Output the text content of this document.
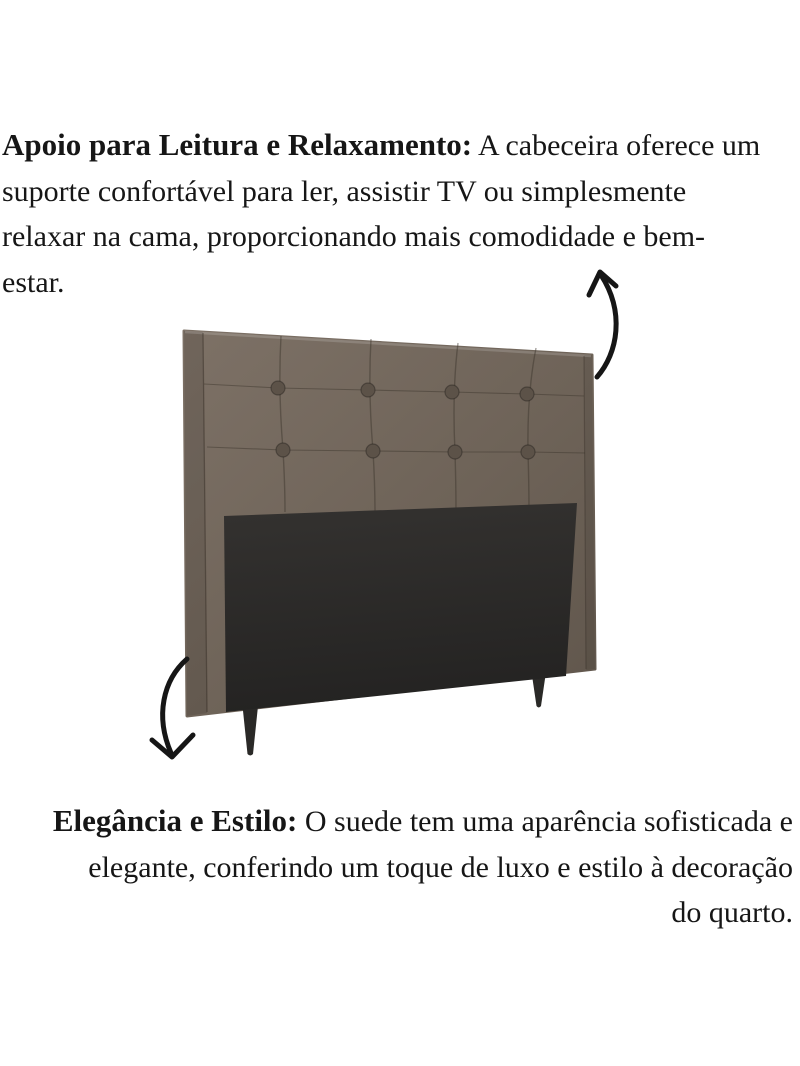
Apoio para Leitura e Relaxamento: A cabeceira oferece um
suporte confortável para ler, assistir TV ou simplesmente
relaxar na cama, proporcionando mais comodidade e bem-
estar.
Elegância e Estilo: O suede tem uma aparência sofisticada e
elegante, conferindo um toque de luxo e estilo à decoração
do quarto.
